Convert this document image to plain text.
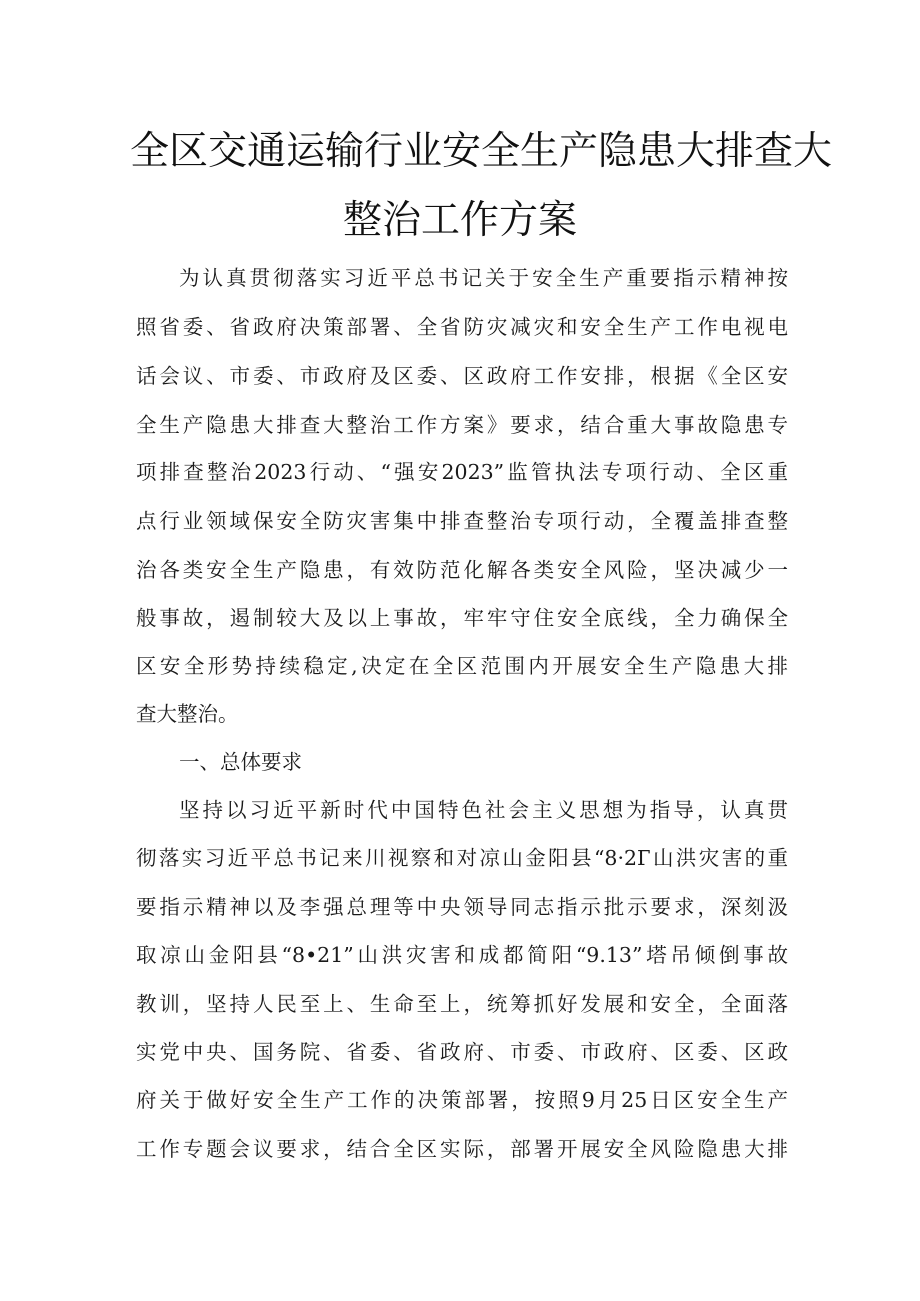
全区交通运输行业安全生产隐患大排查大
整治工作方案
为认真贯彻落实习近平总书记关于安全生产重要指示精神按
照省委、省政府决策部署、全省防灾减灾和安全生产工作电视电
话会议、市委、市政府及区委、区政府工作安排，根据《全区安
全生产隐患大排查大整治工作方案》要求，结合重大事故隐患专
项排查整治2023行动、“强安2023”监管执法专项行动、全区重
点行业领域保安全防灾害集中排查整治专项行动，全覆盖排查整
治各类安全生产隐患，有效防范化解各类安全风险，坚决减少一
般事故，遏制较大及以上事故，牢牢守住安全底线，全力确保全
区安全形势持续稳定,决定在全区范围内开展安全生产隐患大排
查大整治。
一、总体要求
坚持以习近平新时代中国特色社会主义思想为指导，认真贯
彻落实习近平总书记来川视察和对凉山金阳县“8·2Г山洪灾害的重
要指示精神以及李强总理等中央领导同志指示批示要求，深刻汲
取凉山金阳县“8•21”山洪灾害和成都简阳“9.13”塔吊倾倒事故
教训，坚持人民至上、生命至上，统筹抓好发展和安全，全面落
实党中央、国务院、省委、省政府、市委、市政府、区委、区政
府关于做好安全生产工作的决策部署，按照9月25日区安全生产
工作专题会议要求，结合全区实际，部署开展安全风险隐患大排
